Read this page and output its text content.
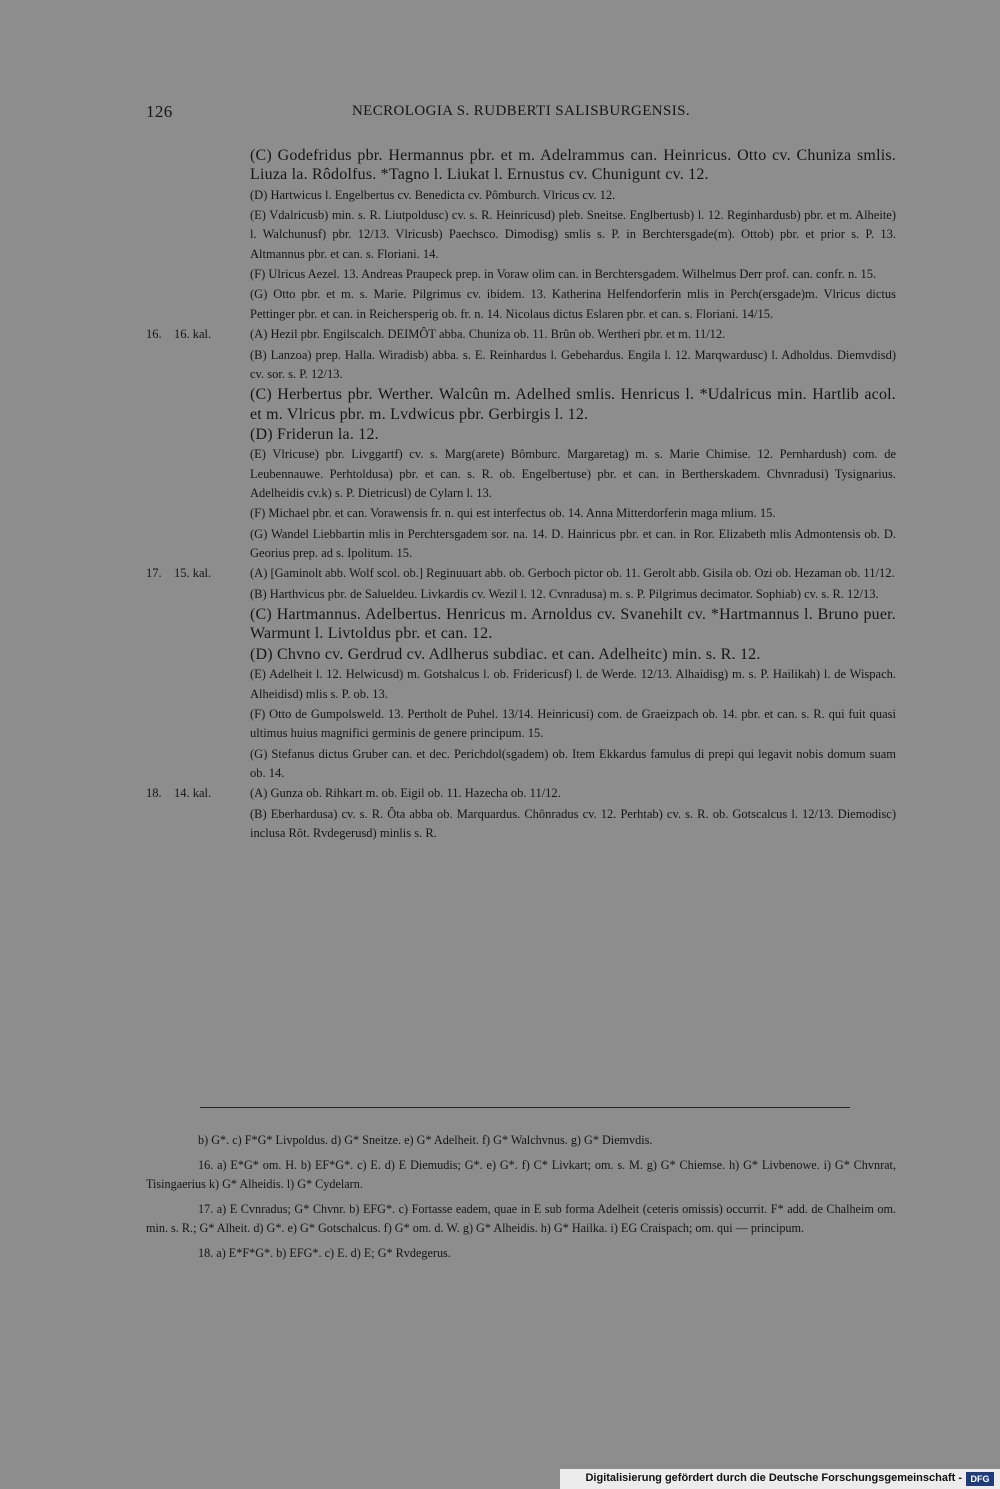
126	NECROLOGIA S. RUDBERTI SALISBURGENSIS.
(C) Godefridus pbr. Hermannus pbr. et m. Adelrammus can. Heinricus. Otto cv. Chuniza smlis. Liuza la. Rôdolfus. *Tagno l. Liukat l. Ernustus cv. Chunigunt cv. 12.
(D) Hartwicus l. Engelbertus cv. Benedicta cv. Pômburch. Vlricus cv. 12.
(E) Vdalricusb) min. s. R. Liutpoldusc) cv. s. R. Heinricusd) pleb. Sneitse. Englbertusb) l. 12. Reginhardusb) pbr. et m. Alheite) l. Walchunusf) pbr. 12/13. Vlricusb) Paechsco. Dimodisg) smlis s. P. in Berchtersgade(m). Ottob) pbr. et prior s. P. 13. Altmannus pbr. et can. s. Floriani. 14.
(F) Ulricus Aezel. 13. Andreas Praupeck prep. in Voraw olim can. in Berchtersgadem. Wilhelmus Derr prof. can. confr. n. 15.
(G) Otto pbr. et m. s. Marie. Pilgrimus cv. ibidem. 13. Katherina Helfendorferin mlis in Perch(ersgade)m. Vlricus dictus Pettinger pbr. et can. in Reichersperig ob. fr. n. 14. Nicolaus dictus Eslaren pbr. et can. s. Floriani. 14/15.
16. 16. kal.	(A) Hezil pbr. Engilscalch. DEIMÔT abba. Chuniza ob. 11. Brûn ob. Wertheri pbr. et m. 11/12.
(B) Lanzoa) prep. Halla. Wiradisb) abba. s. E. Reinhardus l. Gebehardus. Engila l. 12. Marqwardusc) l. Adholdus. Diemvdisd) cv. sor. s. P. 12/13.
(C) Herbertus pbr. Werther. Walcûn m. Adelhed smlis. Henricus l. *Udalricus min. Hartlib acol. et m. Vlricus pbr. m. Lvdwicus pbr. Gerbirgis l. 12.
(D) Friderun la. 12.
(E) Vlricuse) pbr. Livggartf) cv. s. Marg(arete) Bômburc. Margaretag) m. s. Marie Chimise. 12. Pernhardush) com. de Leubennauwe. Perhtoldusa) pbr. et can. s. R. ob. Engelbertuse) pbr. et can. in Bertherskadem. Chvnradusi) Tysignarius. Adelheidis cv.k) s. P. Dietricusl) de Cylarn l. 13.
(F) Michael pbr. et can. Vorawensis fr. n. qui est interfectus ob. 14. Anna Mitterdorferin maga mlium. 15.
(G) Wandel Liebbartin mlis in Perchtersgadem sor. na. 14. D. Hainricus pbr. et can. in Ror. Elizabeth mlis Admontensis ob. D. Georius prep. ad s. Ipolitum. 15.
17. 15. kal.	(A) [Gaminolt abb. Wolf scol. ob.] Reginuuart abb. ob. Gerboch pictor ob. 11. Gerolt abb. Gisila ob. Ozi ob. Hezaman ob. 11/12.
(B) Harthvicus pbr. de Salueldeu. Livkardis cv. Wezil l. 12. Cvnradusa) m. s. P. Pilgrimus decimator. Sophiab) cv. s. R. 12/13.
(C) Hartmannus. Adelbertus. Henricus m. Arnoldus cv. Svanehilt cv. *Hartmannus l. Bruno puer. Warmunt l. Livtoldus pbr. et can. 12.
(D) Chvno cv. Gerdrud cv. Adlherus subdiac. et can. Adelheitc) min. s. R. 12.
(E) Adelheit l. 12. Helwicusd) m. Gotshalcus l. ob. Fridericusf) l. de Werde. 12/13. Alhaidisg) m. s. P. Hailikah) l. de Wispach. Alheidisd) mlis s. P. ob. 13.
(F) Otto de Gumpolsweld. 13. Pertholt de Puhel. 13/14. Heinricusi) com. de Graeizpach ob. 14. pbr. et can. s. R. qui fuit quasi ultimus huius magnifici germinis de genere principum. 15.
(G) Stefanus dictus Gruber can. et dec. Perichdol(sgadem) ob. Item Ekkardus famulus di prepi qui legavit nobis domum suam ob. 14.
18. 14. kal.	(A) Gunza ob. Rihkart m. ob. Eigil ob. 11. Hazecha ob. 11/12.
(B) Eberhardusa) cv. s. R. Ôta abba ob. Marquardus. Chônradus cv. 12. Perhtab) cv. s. R. ob. Gotscalcus l. 12/13. Diemodisc) inclusa Rôt. Rvdegerusd) minlis s. R.
b) G*. c) F*G* Livpoldus. d) G* Sneitze. e) G* Adelheit. f) G* Walchvnus. g) G* Diemvdis.
16. a) E*G* om. H. b) EF*G*. c) E. d) E Diemudis; G*. e) G*. f) C* Livkart; om. s. M. g) G* Chiemse. h) G* Livbenowe. i) G* Chvnrat, Tisingaerius k) G* Alheidis. l) G* Cydelarn.
17. a) E Cvnradus; G* Chvnr. b) EFG*. c) Fortasse eadem, quae in E sub forma Adelheit (ceteris omissis) occurrit. F* add. de Chalheim om. min. s. R.; G* Alheit. d) G*. e) G* Gotschalcus. f) G* om. d. W. g) G* Alheidis. h) G* Hailka. i) EG Craispach; om. qui — principum.
18. a) E*F*G*. b) EFG*. c) E. d) E; G* Rvdegerus.
Digitalisierung gefördert durch die Deutsche Forschungsgemeinschaft - DFG
